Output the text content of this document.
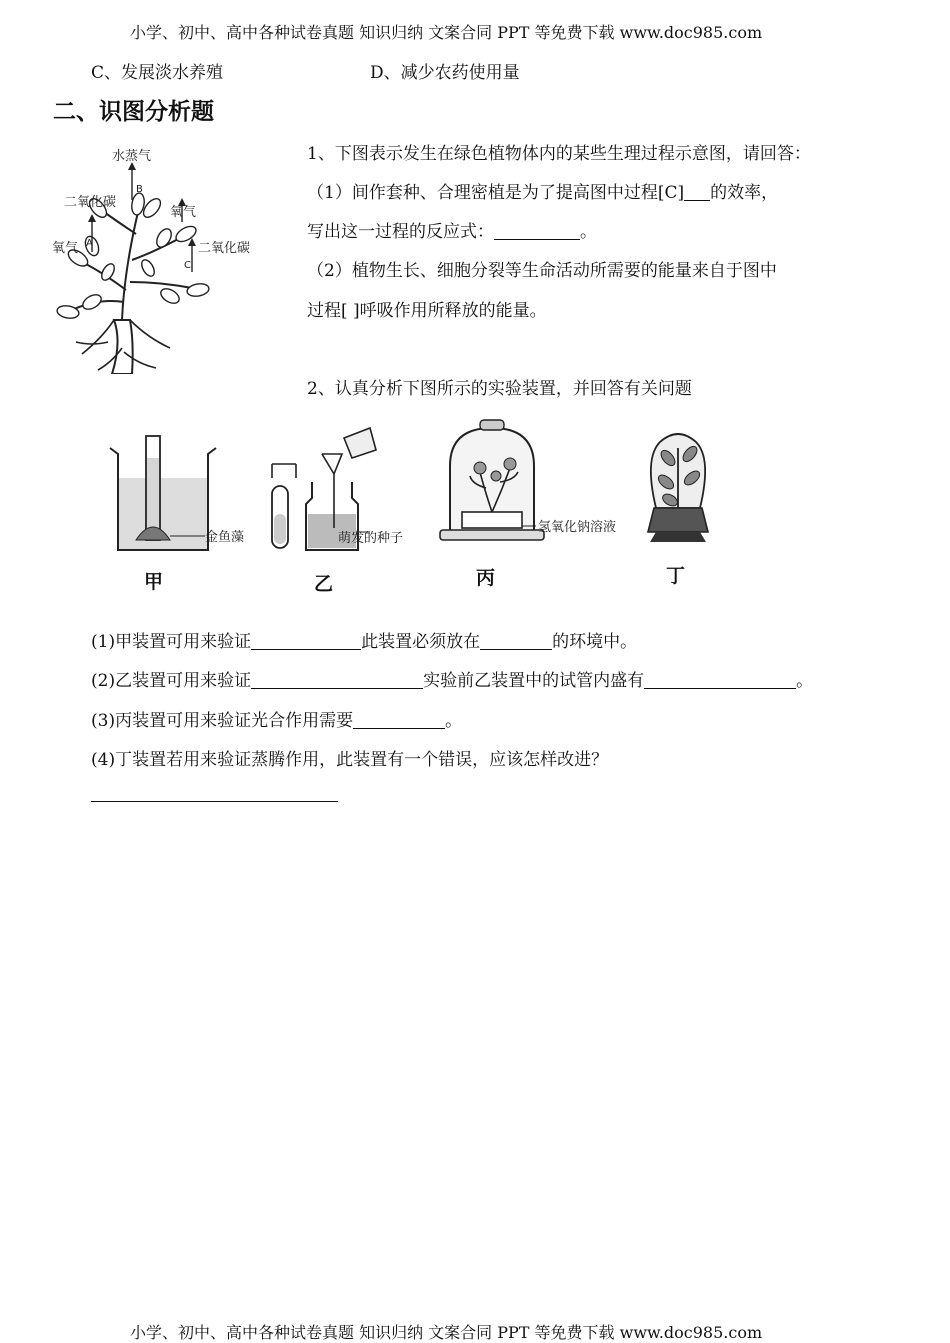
小学、初中、高中各种试卷真题 知识归纳 文案合同 PPT 等免费下载 www.doc985.com
C、发展淡水养殖	D、减少农药使用量
二、识图分析题
水蒸气
B
二氧化碳
氧气
氧气 A	二氧化碳
C
1、下图表示发生在绿色植物体内的某些生理过程示意图，请回答：
（1）间作套种、合理密植是为了提高图中过程[C] 的效率，
写出这一过程的反应式：	。
（2）植物生长、细胞分裂等生命活动所需要的能量来自于图中
过程[ ]呼吸作用所释放的能量。
2、认真分析下图所示的实验装置，并回答有关问题
金鱼藻
甲
萌发的种子
乙
氢氧化钠溶液
丙	丁
(1)甲装置可用来验证	此装置必须放在	的环境中。
(2)乙装置可用来验证	实验前乙装置中的试管内盛有	。
(3)丙装置可用来验证光合作用需要	。
(4)丁装置若用来验证蒸腾作用，此装置有一个错误，应该怎样改进？
小学、初中、高中各种试卷真题 知识归纳 文案合同 PPT 等免费下载 www.doc985.com
